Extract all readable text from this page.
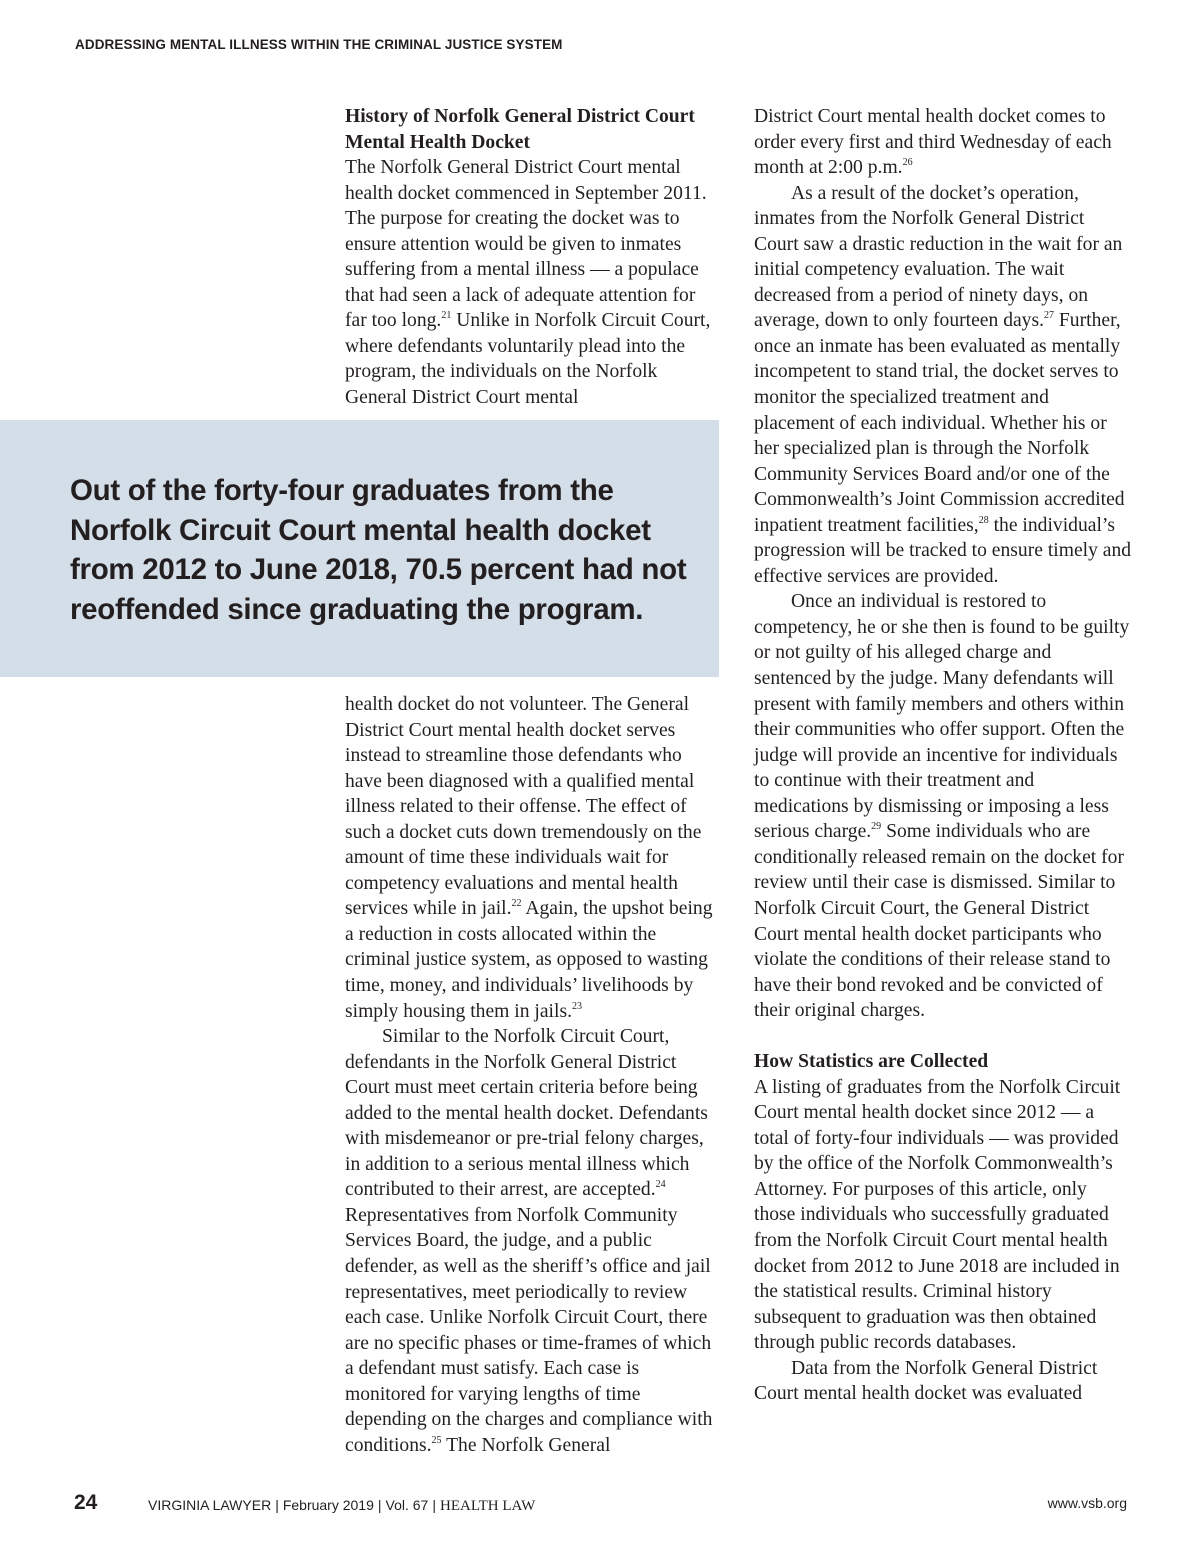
ADDRESSING MENTAL ILLNESS WITHIN THE CRIMINAL JUSTICE SYSTEM
History of Norfolk General District Court Mental Health Docket

The Norfolk General District Court mental health docket commenced in September 2011. The purpose for creating the docket was to ensure attention would be given to inmates suffering from a mental illness — a populace that had seen a lack of adequate attention for far too long.$^{21}$ Unlike in Norfolk Circuit Court, where defendants voluntarily plead into the program, the individuals on the Norfolk General District Court mental

Out of the forty-four graduates from the Norfolk Circuit Court mental health docket from 2012 to June 2018, 70.5 percent had not reoffended since graduating the program.

health docket do not volunteer. The General District Court mental health docket serves instead to streamline those defendants who have been diagnosed with a qualified mental illness related to their offense. The effect of such a docket cuts down tremendously on the amount of time these individuals wait for competency evaluations and mental health services while in jail.$^{22}$ Again, the upshot being a reduction in costs allocated within the criminal justice system, as opposed to wasting time, money, and individuals’ livelihoods by simply housing them in jails.$^{23}$

Similar to the Norfolk Circuit Court, defendants in the Norfolk General District Court must meet certain criteria before being added to the mental health docket. Defendants with misdemeanor or pre-trial felony charges, in addition to a serious mental illness which contributed to their arrest, are accepted.$^{24}$ Representatives from Norfolk Community Services Board, the judge, and a public defender, as well as the sheriff’s office and jail representatives, meet periodically to review each case. Unlike Norfolk Circuit Court, there are no specific phases or time-frames of which a defendant must satisfy. Each case is monitored for varying lengths of time depending on the charges and compliance with conditions.$^{25}$ The Norfolk General

District Court mental health docket comes to order every first and third Wednesday of each month at 2:00 p.m.$^{26}$

As a result of the docket’s operation, inmates from the Norfolk General District Court saw a drastic reduction in the wait for an initial competency evaluation. The wait decreased from a period of ninety days, on average, down to only fourteen days.$^{27}$ Further, once an inmate has been evaluated as mentally incompetent to stand trial, the docket serves to monitor the specialized treatment and placement of each individual. Whether his or her specialized plan is through the Norfolk Community Services Board and/or one of the Commonwealth’s Joint Commission accredited inpatient treatment facilities,$^{28}$ the individual’s progression will be tracked to ensure timely and effective services are provided.

Once an individual is restored to competency, he or she then is found to be guilty or not guilty of his alleged charge and sentenced by the judge. Many defendants will present with family members and others within their communities who offer support. Often the judge will provide an incentive for individuals to continue with their treatment and medications by dismissing or imposing a less serious charge.$^{29}$ Some individuals who are conditionally released remain on the docket for review until their case is dismissed. Similar to Norfolk Circuit Court, the General District Court mental health docket participants who violate the conditions of their release stand to have their bond revoked and be convicted of their original charges.

How Statistics are Collected

A listing of graduates from the Norfolk Circuit Court mental health docket since 2012 — a total of forty-four individuals — was provided by the office of the Norfolk Commonwealth’s Attorney. For purposes of this article, only those individuals who successfully graduated from the Norfolk Circuit Court mental health docket from 2012 to June 2018 are included in the statistical results. Criminal history subsequent to graduation was then obtained through public records databases.

Data from the Norfolk General District Court mental health docket was evaluated

24	VIRGINIA LAWYER | February 2019 | Vol. 67 | HEALTH LAW	www.vsb.org
